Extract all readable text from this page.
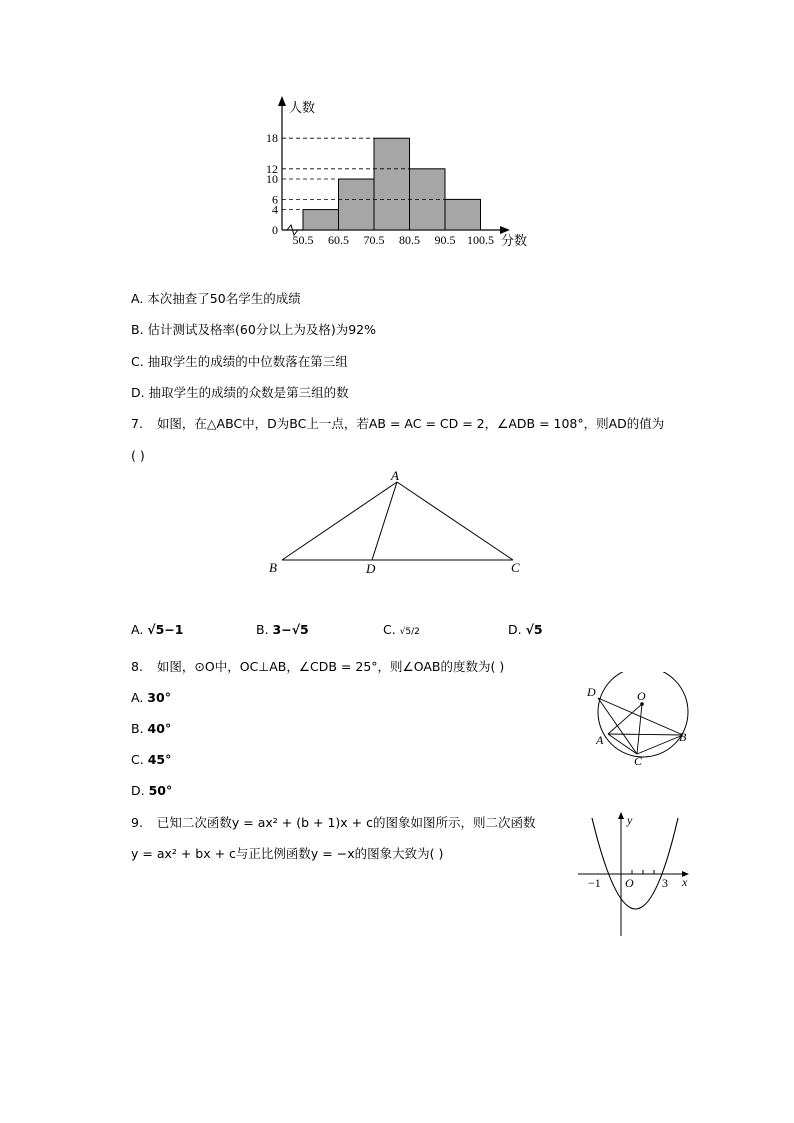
人数
分数
0
4
6
10
12
18
50.5 60.5 70.5 80.5 90.5 100.5
A. 本次抽查了50名学生的成绩
B. 估计测试及格率(60分以上为及格)为92%
C. 抽取学生的成绩的中位数落在第三组
D. 抽取学生的成绩的众数是第三组的数
7. 如图，在△ABC中，D为BC上一点，若AB = AC = CD = 2，∠ADB = 108°，则AD的值为
( )
A
B	D	C
A. √5−1	B. 3−√5	C. √5/2	D. √5
8. 如图，⊙O中，OC⊥AB，∠CDB = 25°，则∠OAB的度数为( )
A. 30°
B. 40°
C. 45°
D. 50°
D	O
A	B
C
9. 已知二次函数y = ax² + (b + 1)x + c的图象如图所示，则二次函数
y = ax² + bx + c与正比例函数y = −x的图象大致为( )
y
x
O
−1	3
